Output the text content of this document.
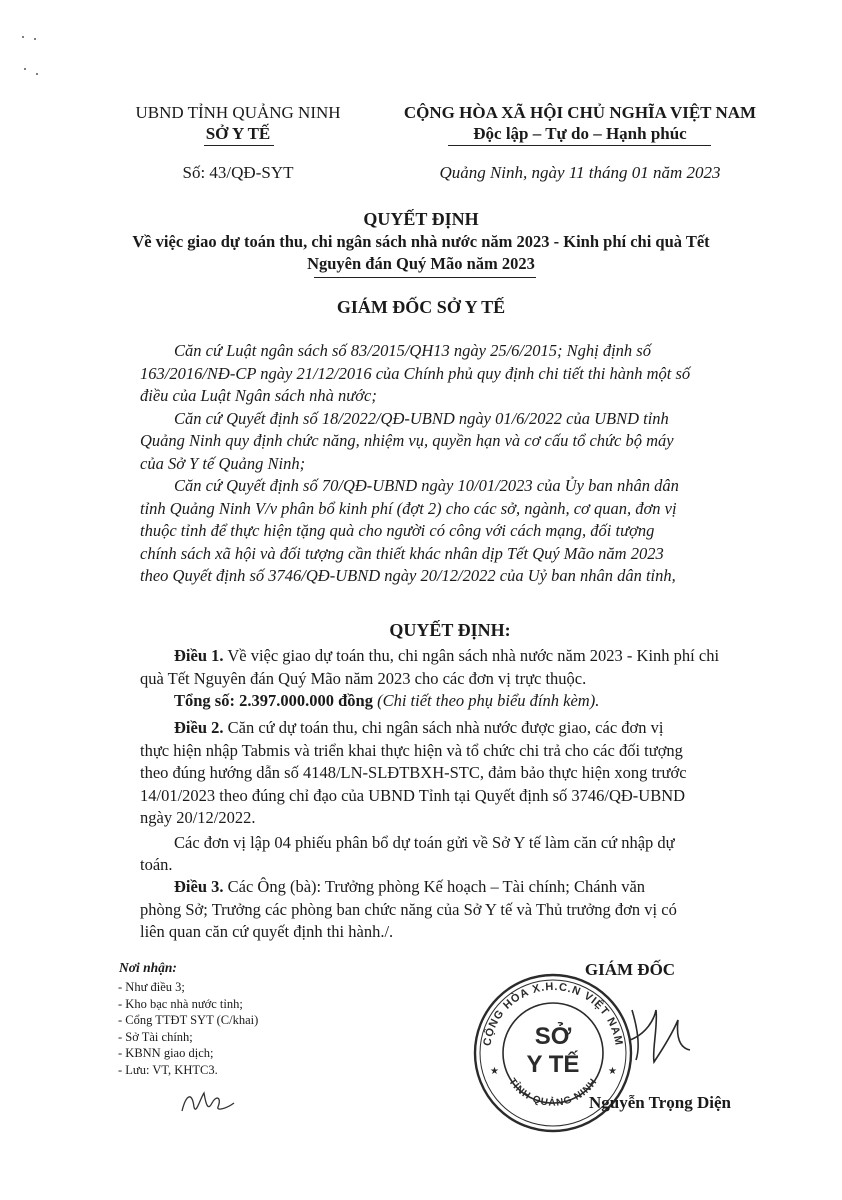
UBND TỈNH QUẢNG NINH
SỞ Y TẾ
Số: 43/QĐ-SYT
CỘNG HÒA XÃ HỘI CHỦ NGHĨA VIỆT NAM
Độc lập – Tự do – Hạnh phúc
Quảng Ninh, ngày 11 tháng 01 năm 2023
QUYẾT ĐỊNH
Về việc giao dự toán thu, chi ngân sách nhà nước năm 2023 - Kinh phí chi quà Tết
Nguyên đán Quý Mão năm 2023
GIÁM ĐỐC SỞ Y TẾ
Căn cứ Luật ngân sách số 83/2015/QH13 ngày 25/6/2015; Nghị định số
163/2016/NĐ-CP ngày 21/12/2016 của Chính phủ quy định chi tiết thi hành một số
điều của Luật Ngân sách nhà nước;
Căn cứ Quyết định số 18/2022/QĐ-UBND ngày 01/6/2022 của UBND tỉnh
Quảng Ninh quy định chức năng, nhiệm vụ, quyền hạn và cơ cấu tổ chức bộ máy
của Sở Y tế Quảng Ninh;
Căn cứ Quyết định số 70/QĐ-UBND ngày 10/01/2023 của Ủy ban nhân dân
tỉnh Quảng Ninh V/v phân bổ kinh phí (đợt 2) cho các sở, ngành, cơ quan, đơn vị
thuộc tỉnh để thực hiện tặng quà cho người có công với cách mạng, đối tượng
chính sách xã hội và đối tượng cần thiết khác nhân dịp Tết Quý Mão năm 2023
theo Quyết định số 3746/QĐ-UBND ngày 20/12/2022 của Uỷ ban nhân dân tỉnh,
QUYẾT ĐỊNH:
Điều 1. Về việc giao dự toán thu, chi ngân sách nhà nước năm 2023 - Kinh phí chi
quà Tết Nguyên đán Quý Mão năm 2023 cho các đơn vị trực thuộc.
Tổng số: 2.397.000.000 đồng (Chi tiết theo phụ biểu đính kèm).
Điều 2. Căn cứ dự toán thu, chi ngân sách nhà nước được giao, các đơn vị
thực hiện nhập Tabmis và triển khai thực hiện và tổ chức chi trả cho các đối tượng
theo đúng hướng dẫn số 4148/LN-SLĐTBXH-STC, đảm bảo thực hiện xong trước
14/01/2023 theo đúng chỉ đạo của UBND Tỉnh tại Quyết định số 3746/QĐ-UBND
ngày 20/12/2022.
Các đơn vị lập 04 phiếu phân bổ dự toán gửi về Sở Y tế làm căn cứ nhập dự
toán.
Điều 3. Các Ông (bà): Trưởng phòng Kế hoạch – Tài chính; Chánh văn
phòng Sở; Trưởng các phòng ban chức năng của Sở Y tế và Thủ trưởng đơn vị có
liên quan căn cứ quyết định thi hành./.
Nơi nhận:
- Như điều 3;
- Kho bạc nhà nước tỉnh;
- Cổng TTĐT SYT (C/khai)
- Sở Tài chính;
- KBNN giao dịch;
- Lưu: VT, KHTC3.
GIÁM ĐỐC
CỘNG HÒA X.H.C.N VIỆT NAM
TỈNH QUẢNG NINH
★	★
SỞ
Y TẾ
Nguyễn Trọng Diện
